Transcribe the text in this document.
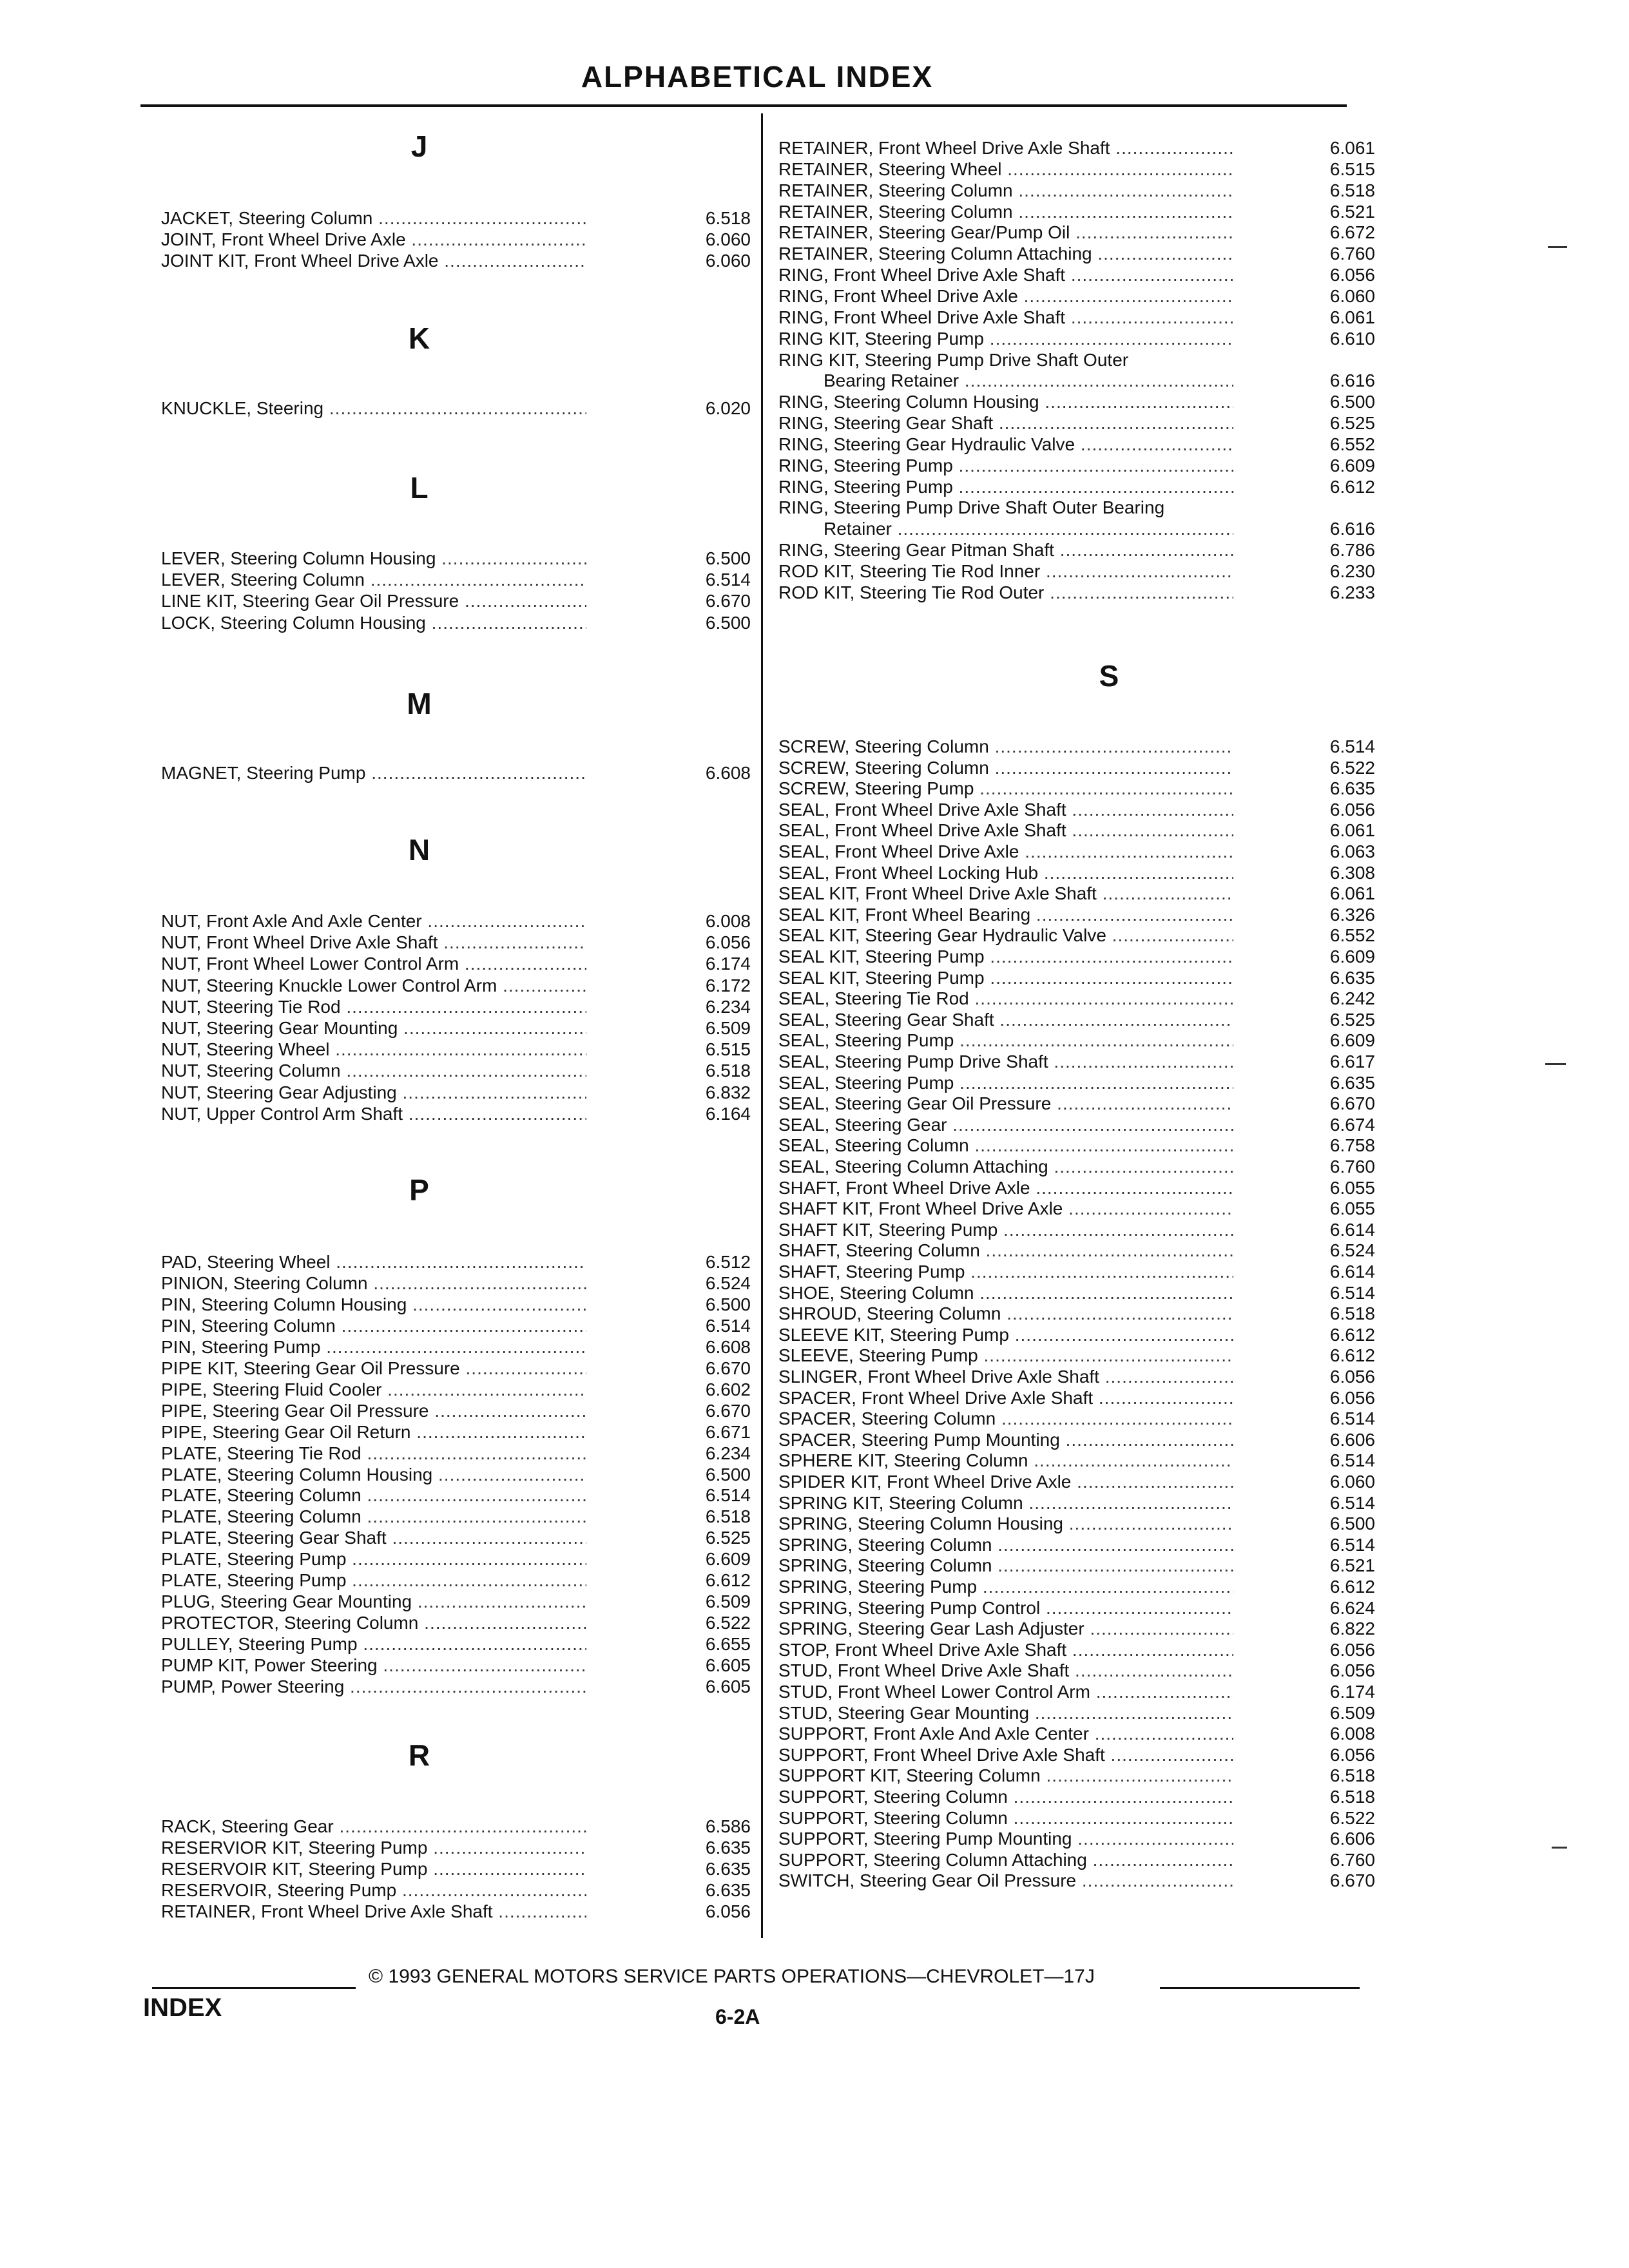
ALPHABETICAL INDEX
J
JACKET, Steering Column .....	6.518
JOINT, Front Wheel Drive Axle .....	6.060
JOINT KIT, Front Wheel Drive Axle .....	6.060
K
KNUCKLE, Steering .....	6.020
L
LEVER, Steering Column Housing .....	6.500
LEVER, Steering Column .....	6.514
LINE KIT, Steering Gear Oil Pressure .....	6.670
LOCK, Steering Column Housing .....	6.500
M
MAGNET, Steering Pump .....	6.608
N
NUT, Front Axle And Axle Center .....	6.008
NUT, Front Wheel Drive Axle Shaft .....	6.056
NUT, Front Wheel Lower Control Arm .....	6.174
NUT, Steering Knuckle Lower Control Arm .....	6.172
NUT, Steering Tie Rod .....	6.234
NUT, Steering Gear Mounting .....	6.509
NUT, Steering Wheel .....	6.515
NUT, Steering Column .....	6.518
NUT, Steering Gear Adjusting .....	6.832
NUT, Upper Control Arm Shaft .....	6.164
P
PAD, Steering Wheel .....	6.512
PINION, Steering Column .....	6.524
PIN, Steering Column Housing .....	6.500
PIN, Steering Column .....	6.514
PIN, Steering Pump .....	6.608
PIPE KIT, Steering Gear Oil Pressure .....	6.670
PIPE, Steering Fluid Cooler .....	6.602
PIPE, Steering Gear Oil Pressure .....	6.670
PIPE, Steering Gear Oil Return .....	6.671
PLATE, Steering Tie Rod .....	6.234
PLATE, Steering Column Housing .....	6.500
PLATE, Steering Column .....	6.514
PLATE, Steering Column .....	6.518
PLATE, Steering Gear Shaft .....	6.525
PLATE, Steering Pump .....	6.609
PLATE, Steering Pump .....	6.612
PLUG, Steering Gear Mounting .....	6.509
PROTECTOR, Steering Column .....	6.522
PULLEY, Steering Pump .....	6.655
PUMP KIT, Power Steering .....	6.605
PUMP, Power Steering .....	6.605
R
RACK, Steering Gear .....	6.586
RESERVIOR KIT, Steering Pump .....	6.635
RESERVOIR KIT, Steering Pump .....	6.635
RESERVOIR, Steering Pump .....	6.635
RETAINER, Front Wheel Drive Axle Shaft .....	6.056
RETAINER, Front Wheel Drive Axle Shaft .....	6.061
RETAINER, Steering Wheel .....	6.515
RETAINER, Steering Column .....	6.518
RETAINER, Steering Column .....	6.521
RETAINER, Steering Gear/Pump Oil .....	6.672
RETAINER, Steering Column Attaching .....	6.760
RING, Front Wheel Drive Axle Shaft .....	6.056
RING, Front Wheel Drive Axle .....	6.060
RING, Front Wheel Drive Axle Shaft .....	6.061
RING KIT, Steering Pump .....	6.610
RING KIT, Steering Pump Drive Shaft Outer
Bearing Retainer .....	6.616
RING, Steering Column Housing .....	6.500
RING, Steering Gear Shaft .....	6.525
RING, Steering Gear Hydraulic Valve .....	6.552
RING, Steering Pump .....	6.609
RING, Steering Pump .....	6.612
RING, Steering Pump Drive Shaft Outer Bearing
Retainer .....	6.616
RING, Steering Gear Pitman Shaft .....	6.786
ROD KIT, Steering Tie Rod Inner .....	6.230
ROD KIT, Steering Tie Rod Outer .....	6.233
S
SCREW, Steering Column .....	6.514
SCREW, Steering Column .....	6.522
SCREW, Steering Pump .....	6.635
SEAL, Front Wheel Drive Axle Shaft .....	6.056
SEAL, Front Wheel Drive Axle Shaft .....	6.061
SEAL, Front Wheel Drive Axle .....	6.063
SEAL, Front Wheel Locking Hub .....	6.308
SEAL KIT, Front Wheel Drive Axle Shaft .....	6.061
SEAL KIT, Front Wheel Bearing .....	6.326
SEAL KIT, Steering Gear Hydraulic Valve .....	6.552
SEAL KIT, Steering Pump .....	6.609
SEAL KIT, Steering Pump .....	6.635
SEAL, Steering Tie Rod .....	6.242
SEAL, Steering Gear Shaft .....	6.525
SEAL, Steering Pump .....	6.609
SEAL, Steering Pump Drive Shaft .....	6.617
SEAL, Steering Pump .....	6.635
SEAL, Steering Gear Oil Pressure .....	6.670
SEAL, Steering Gear .....	6.674
SEAL, Steering Column .....	6.758
SEAL, Steering Column Attaching .....	6.760
SHAFT, Front Wheel Drive Axle .....	6.055
SHAFT KIT, Front Wheel Drive Axle .....	6.055
SHAFT KIT, Steering Pump .....	6.614
SHAFT, Steering Column .....	6.524
SHAFT, Steering Pump .....	6.614
SHOE, Steering Column .....	6.514
SHROUD, Steering Column .....	6.518
SLEEVE KIT, Steering Pump .....	6.612
SLEEVE, Steering Pump .....	6.612
SLINGER, Front Wheel Drive Axle Shaft .....	6.056
SPACER, Front Wheel Drive Axle Shaft .....	6.056
SPACER, Steering Column .....	6.514
SPACER, Steering Pump Mounting .....	6.606
SPHERE KIT, Steering Column .....	6.514
SPIDER KIT, Front Wheel Drive Axle .....	6.060
SPRING KIT, Steering Column .....	6.514
SPRING, Steering Column Housing .....	6.500
SPRING, Steering Column .....	6.514
SPRING, Steering Column .....	6.521
SPRING, Steering Pump .....	6.612
SPRING, Steering Pump Control .....	6.624
SPRING, Steering Gear Lash Adjuster .....	6.822
STOP, Front Wheel Drive Axle Shaft .....	6.056
STUD, Front Wheel Drive Axle Shaft .....	6.056
STUD, Front Wheel Lower Control Arm .....	6.174
STUD, Steering Gear Mounting .....	6.509
SUPPORT, Front Axle And Axle Center .....	6.008
SUPPORT, Front Wheel Drive Axle Shaft .....	6.056
SUPPORT KIT, Steering Column .....	6.518
SUPPORT, Steering Column .....	6.518
SUPPORT, Steering Column .....	6.522
SUPPORT, Steering Pump Mounting .....	6.606
SUPPORT, Steering Column Attaching .....	6.760
SWITCH, Steering Gear Oil Pressure .....	6.670
© 1993 GENERAL MOTORS SERVICE PARTS OPERATIONS—CHEVROLET—17J
INDEX	6-2A
